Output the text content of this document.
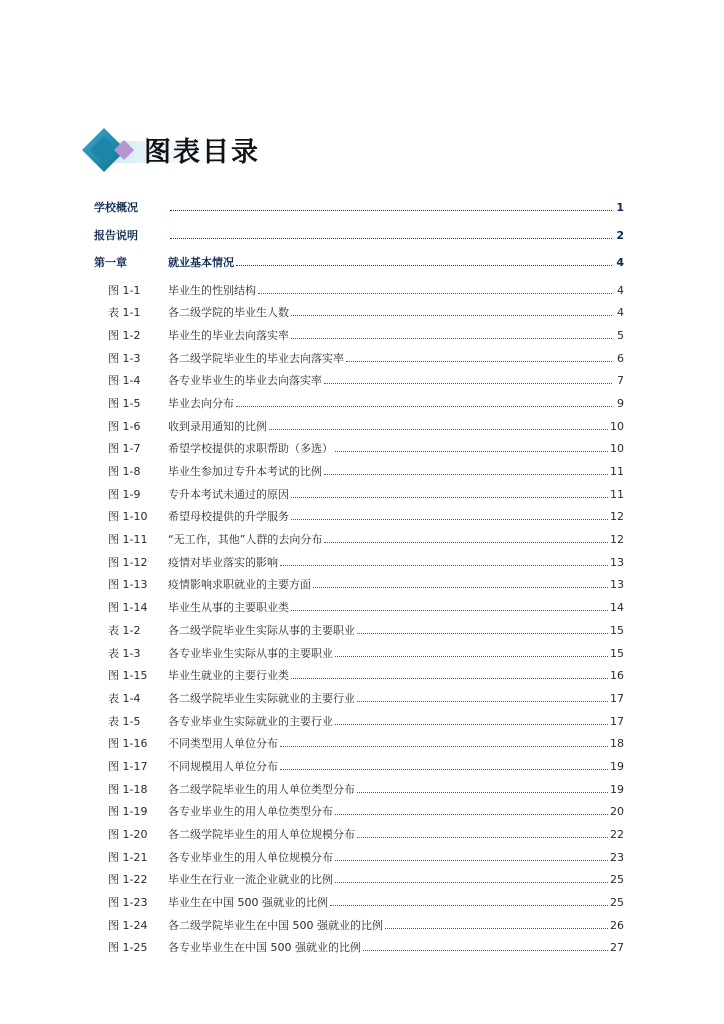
图表目录
学校概况	1
报告说明	2
第一章	就业基本情况	4
图 1-1	毕业生的性别结构	4
表 1-1	各二级学院的毕业生人数	4
图 1-2	毕业生的毕业去向落实率	5
图 1-3	各二级学院毕业生的毕业去向落实率	6
图 1-4	各专业毕业生的毕业去向落实率	7
图 1-5	毕业去向分布	9
图 1-6	收到录用通知的比例	10
图 1-7	希望学校提供的求职帮助（多选）	10
图 1-8	毕业生参加过专升本考试的比例	11
图 1-9	专升本考试未通过的原因	11
图 1-10	希望母校提供的升学服务	12
图 1-11	“无工作，其他”人群的去向分布	12
图 1-12	疫情对毕业落实的影响	13
图 1-13	疫情影响求职就业的主要方面	13
图 1-14	毕业生从事的主要职业类	14
表 1-2	各二级学院毕业生实际从事的主要职业	15
表 1-3	各专业毕业生实际从事的主要职业	15
图 1-15	毕业生就业的主要行业类	16
表 1-4	各二级学院毕业生实际就业的主要行业	17
表 1-5	各专业毕业生实际就业的主要行业	17
图 1-16	不同类型用人单位分布	18
图 1-17	不同规模用人单位分布	19
图 1-18	各二级学院毕业生的用人单位类型分布	19
图 1-19	各专业毕业生的用人单位类型分布	20
图 1-20	各二级学院毕业生的用人单位规模分布	22
图 1-21	各专业毕业生的用人单位规模分布	23
图 1-22	毕业生在行业一流企业就业的比例	25
图 1-23	毕业生在中国 500 强就业的比例	25
图 1-24	各二级学院毕业生在中国 500 强就业的比例	26
图 1-25	各专业毕业生在中国 500 强就业的比例	27
